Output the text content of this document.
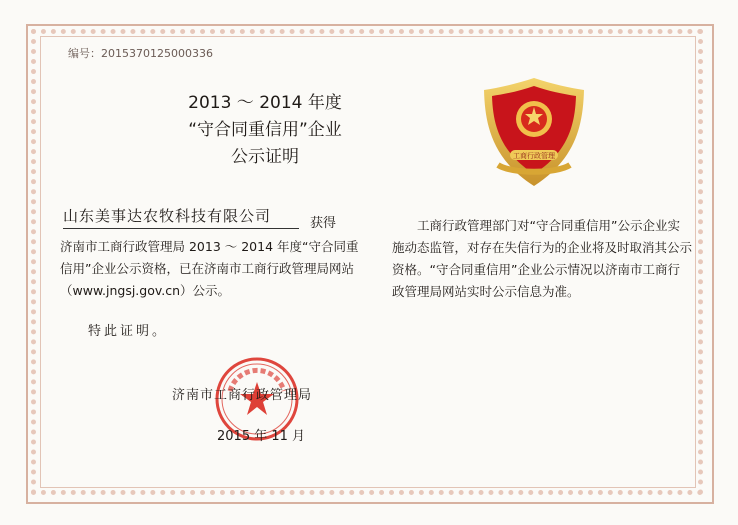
编号：2015370125000336
2013 ～ 2014 年度
“守合同重信用”企业
公示证明
山东美事达农牧科技有限公司	获得
济南市工商行政管理局 2013 ～ 2014 年度“守合同重信用”企业公示资格，已在济南市工商行政管理局网站（www.jngsj.gov.cn）公示。
特此证明。
济南市工商行政管理局
2015 年 11 月
工商行政管理
工商行政管理部门对“守合同重信用”公示企业实施动态监管，对存在失信行为的企业将及时取消其公示资格。“守合同重信用”企业公示情况以济南市工商行政管理局网站实时公示信息为准。
